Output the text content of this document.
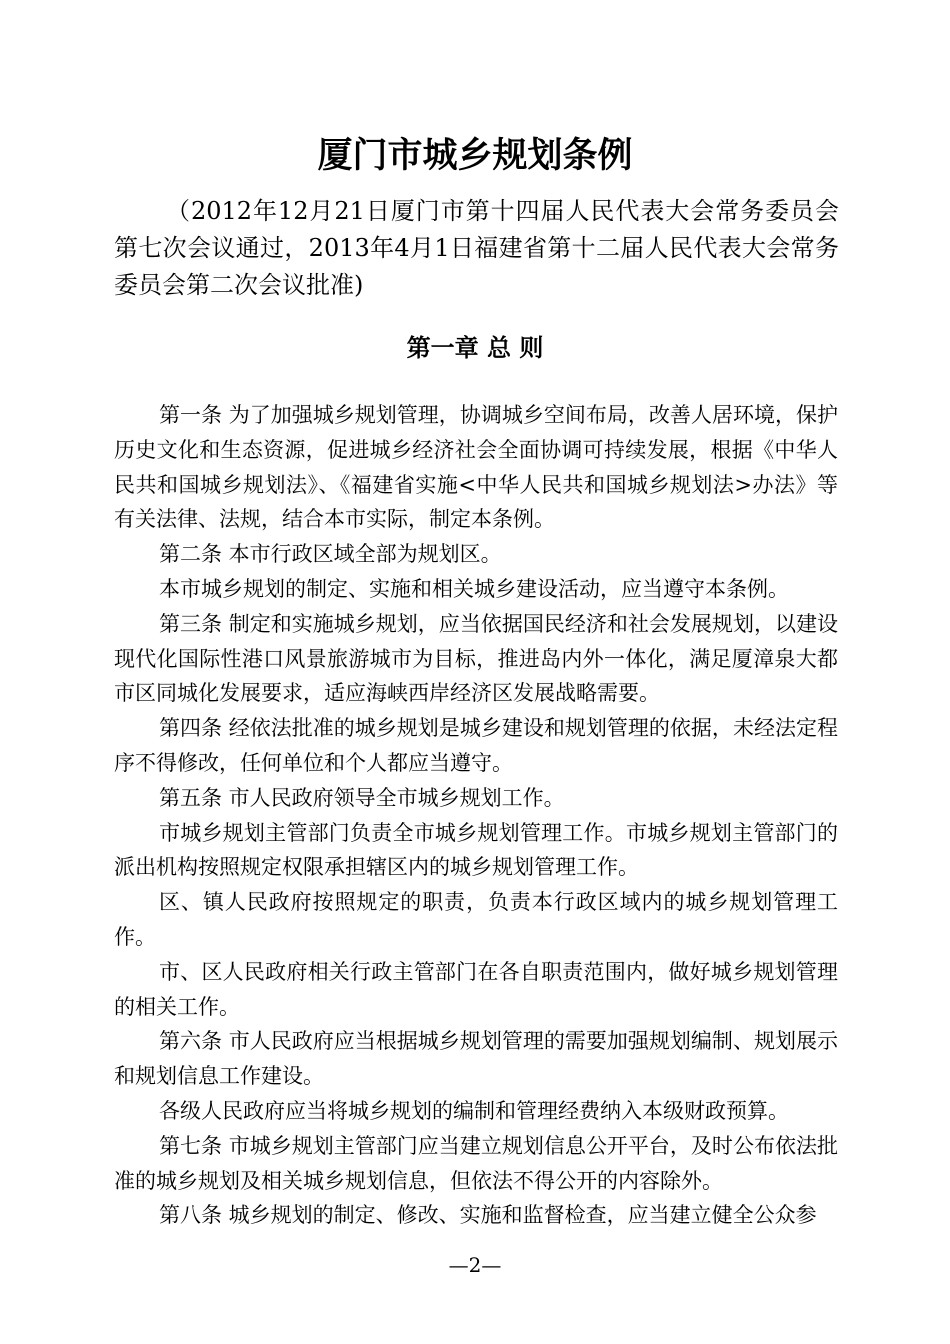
厦门市城乡规划条例

（2012年12月21日厦门市第十四届人民代表大会常务委员会第七次会议通过，2013年4月1日福建省第十二届人民代表大会常务委员会第二次会议批准)

第一章 总 则

第一条 为了加强城乡规划管理，协调城乡空间布局，改善人居环境，保护历史文化和生态资源，促进城乡经济社会全面协调可持续发展，根据《中华人民共和国城乡规划法》、《福建省实施<中华人民共和国城乡规划法>办法》等有关法律、法规，结合本市实际，制定本条例。

第二条 本市行政区域全部为规划区。

本市城乡规划的制定、实施和相关城乡建设活动，应当遵守本条例。

第三条 制定和实施城乡规划，应当依据国民经济和社会发展规划，以建设现代化国际性港口风景旅游城市为目标，推进岛内外一体化，满足厦漳泉大都市区同城化发展要求，适应海峡西岸经济区发展战略需要。

第四条 经依法批准的城乡规划是城乡建设和规划管理的依据，未经法定程序不得修改，任何单位和个人都应当遵守。

第五条 市人民政府领导全市城乡规划工作。

市城乡规划主管部门负责全市城乡规划管理工作。市城乡规划主管部门的派出机构按照规定权限承担辖区内的城乡规划管理工作。

区、镇人民政府按照规定的职责，负责本行政区域内的城乡规划管理工作。

市、区人民政府相关行政主管部门在各自职责范围内，做好城乡规划管理的相关工作。

第六条 市人民政府应当根据城乡规划管理的需要加强规划编制、规划展示和规划信息工作建设。

各级人民政府应当将城乡规划的编制和管理经费纳入本级财政预算。

第七条 市城乡规划主管部门应当建立规划信息公开平台，及时公布依法批准的城乡规划及相关城乡规划信息，但依法不得公开的内容除外。

第八条 城乡规划的制定、修改、实施和监督检查，应当建立健全公众参

—2—
